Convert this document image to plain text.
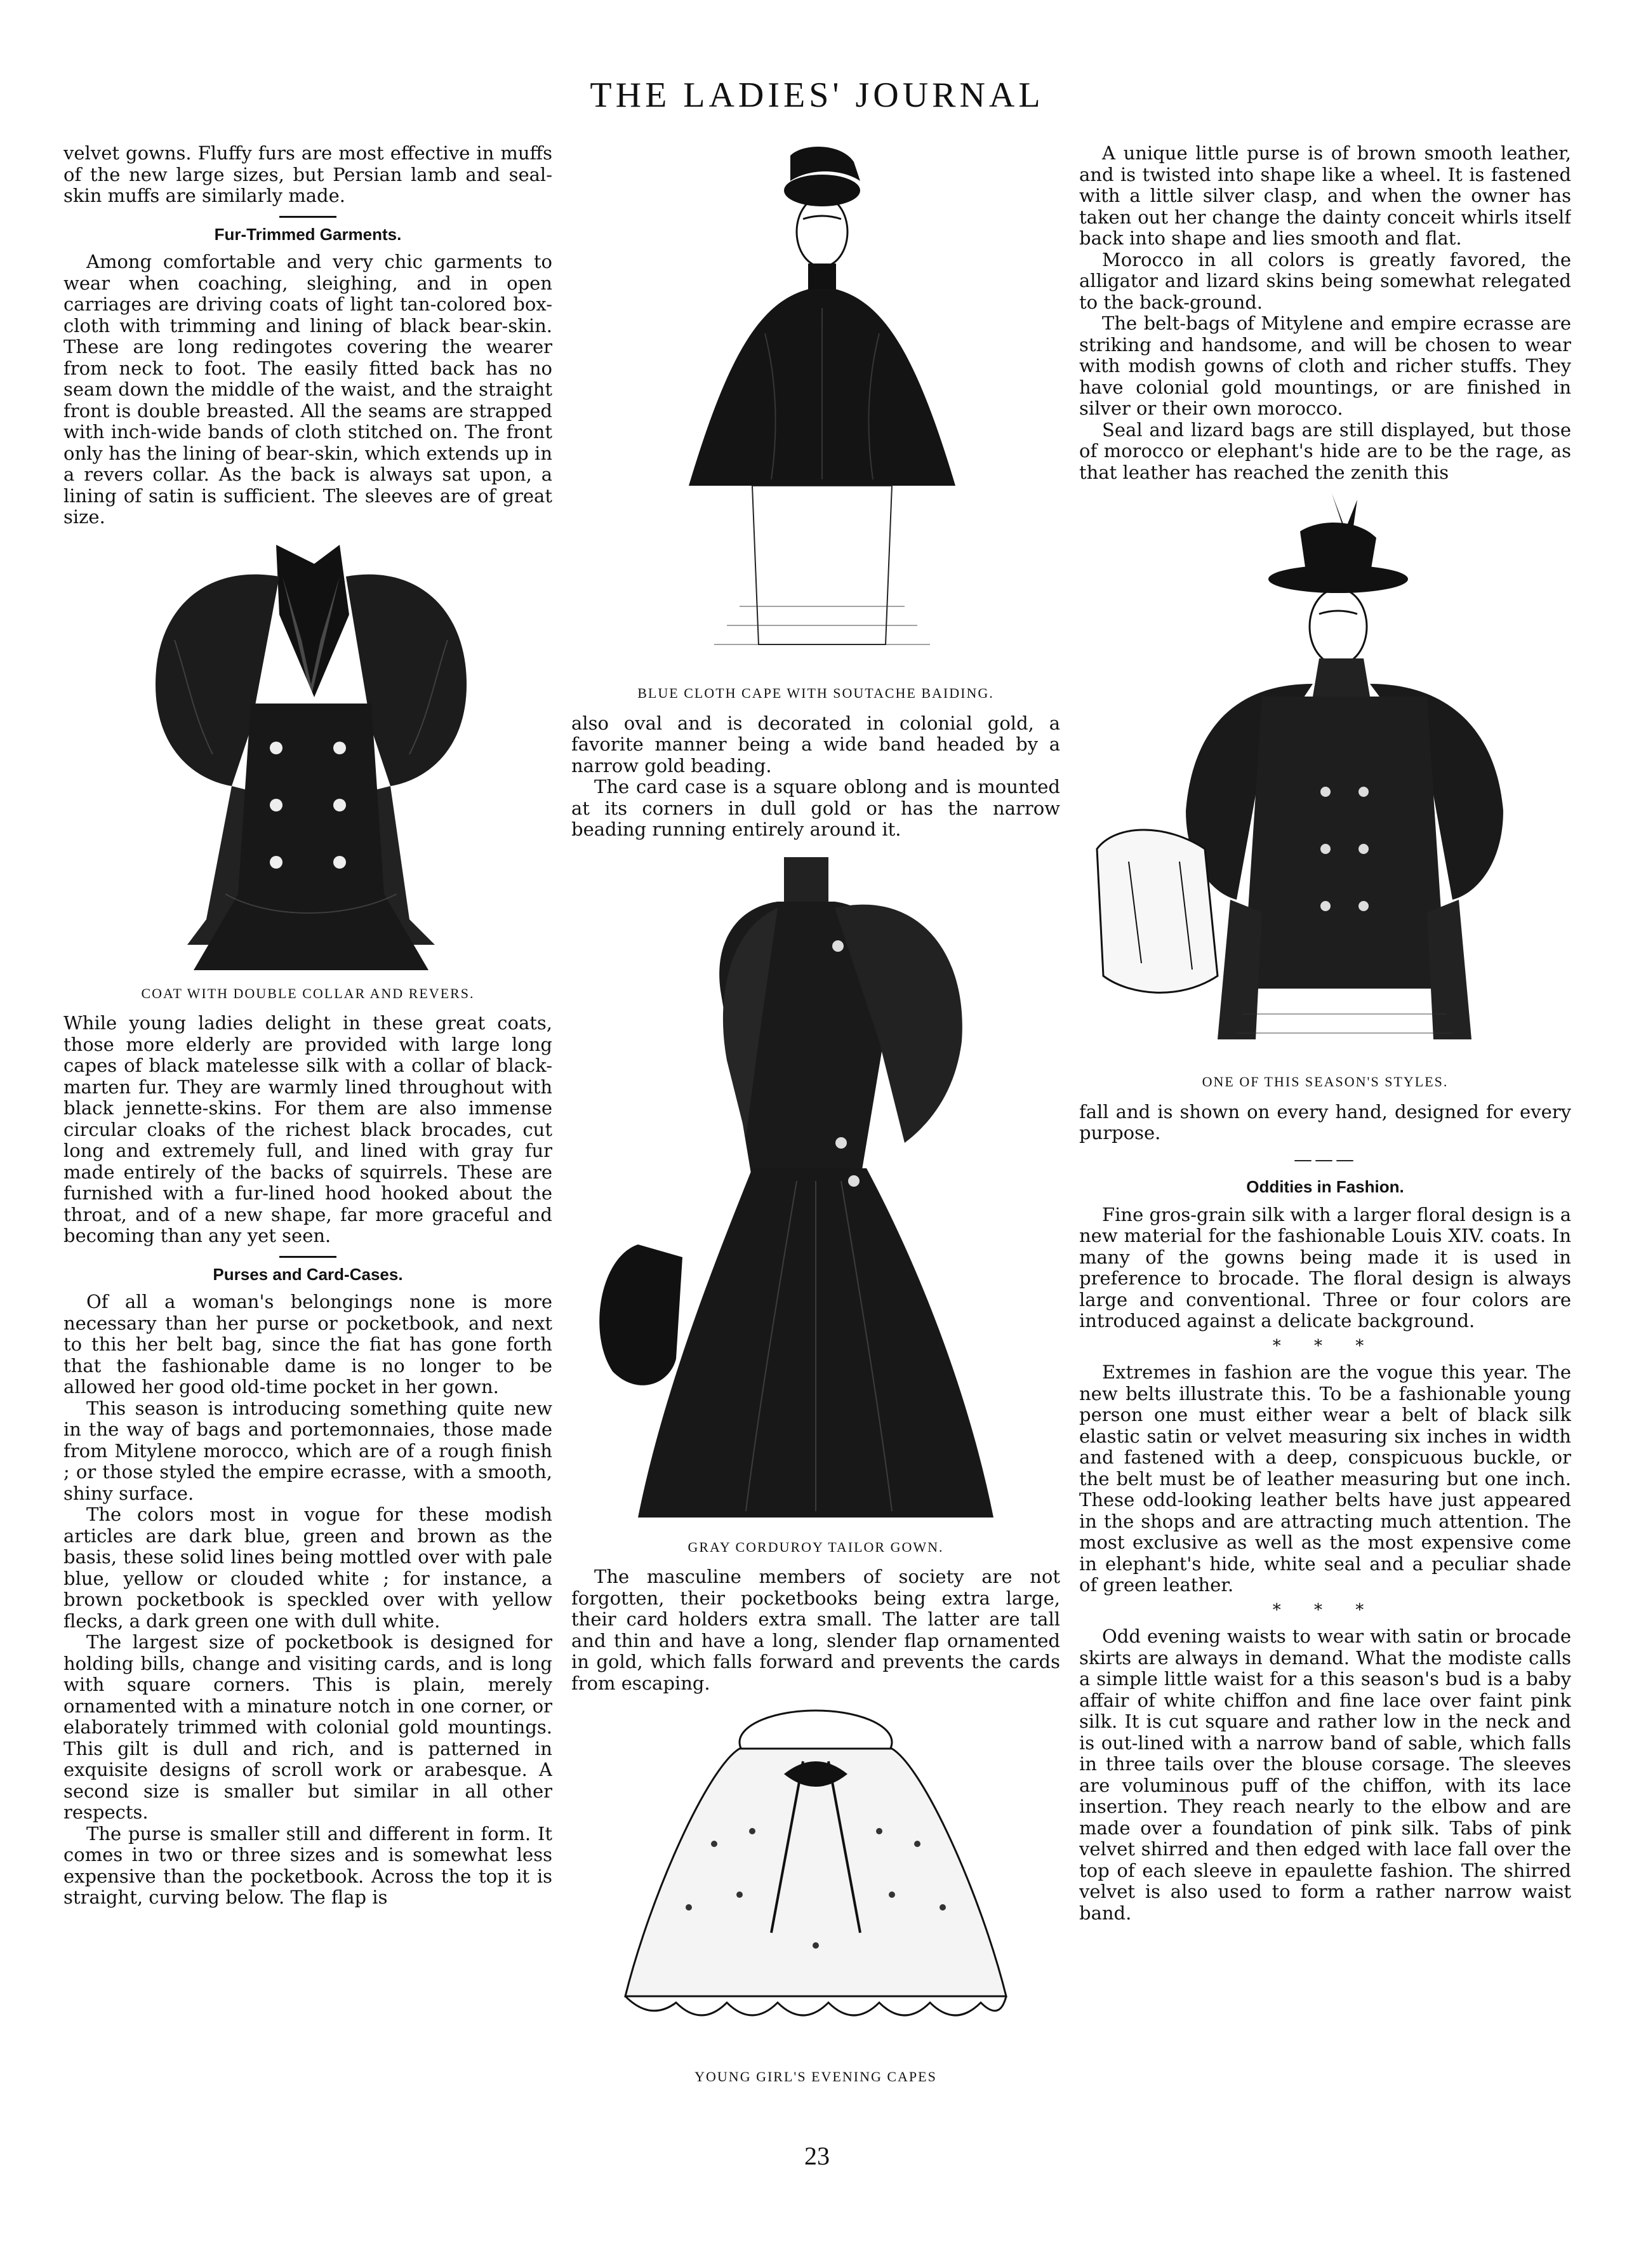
THE LADIES' JOURNAL

velvet gowns. Fluffy furs are most effective in muffs of the new large sizes, but Persian lamb and seal-skin muffs are similarly made.

Fur-Trimmed Garments.

Among comfortable and very chic garments to wear when coaching, sleighing, and in open carriages are driving coats of light tan-colored box-cloth with trimming and lining of black bear-skin. These are long redingotes covering the wearer from neck to foot. The easily fitted back has no seam down the middle of the waist, and the straight front is double breasted. All the seams are strapped with inch-wide bands of cloth stitched on. The front only has the lining of bear-skin, which extends up in a revers collar. As the back is always sat upon, a lining of satin is sufficient. The sleeves are of great size.

COAT WITH DOUBLE COLLAR AND REVERS.

While young ladies delight in these great coats, those more elderly are provided with large long capes of black matelesse silk with a collar of black-marten fur. They are warmly lined throughout with black jennette-skins. For them are also immense circular cloaks of the richest black brocades, cut long and extremely full, and lined with gray fur made entirely of the backs of squirrels. These are furnished with a fur-lined hood hooked about the throat, and of a new shape, far more graceful and becoming than any yet seen.

Purses and Card-Cases.

Of all a woman's belongings none is more necessary than her purse or pocketbook, and next to this her belt bag, since the fiat has gone forth that the fashionable dame is no longer to be allowed her good old-time pocket in her gown.

This season is introducing something quite new in the way of bags and portemonnaies, those made from Mitylene morocco, which are of a rough finish ; or those styled the empire ecrasse, with a smooth, shiny surface.

The colors most in vogue for these modish articles are dark blue, green and brown as the basis, these solid lines being mottled over with pale blue, yellow or clouded white ; for instance, a brown pocketbook is speckled over with yellow flecks, a dark green one with dull white.

The largest size of pocketbook is designed for holding bills, change and visiting cards, and is long with square corners. This is plain, merely ornamented with a minature notch in one corner, or elaborately trimmed with colonial gold mountings. This gilt is dull and rich, and is patterned in exquisite designs of scroll work or arabesque. A second size is smaller but similar in all other respects.

The purse is smaller still and different in form. It comes in two or three sizes and is somewhat less expensive than the pocketbook. Across the top it is straight, curving below. The flap is

BLUE CLOTH CAPE WITH SOUTACHE BAIDING.

also oval and is decorated in colonial gold, a favorite manner being a wide band headed by a narrow gold beading.

The card case is a square oblong and is mounted at its corners in dull gold or has the narrow beading running entirely around it.

GRAY CORDUROY TAILOR GOWN.

The masculine members of society are not forgotten, their pocketbooks being extra large, their card holders extra small. The latter are tall and thin and have a long, slender flap ornamented in gold, which falls forward and prevents the cards from escaping.

YOUNG GIRL'S EVENING CAPES

A unique little purse is of brown smooth leather, and is twisted into shape like a wheel. It is fastened with a little silver clasp, and when the owner has taken out her change the dainty conceit whirls itself back into shape and lies smooth and flat.

Morocco in all colors is greatly favored, the alligator and lizard skins being somewhat relegated to the back-ground.

The belt-bags of Mitylene and empire ecrasse are striking and handsome, and will be chosen to wear with modish gowns of cloth and richer stuffs. They have colonial gold mountings, or are finished in silver or their own morocco.

Seal and lizard bags are still displayed, but those of morocco or elephant's hide are to be the rage, as that leather has reached the zenith this

ONE OF THIS SEASON'S STYLES.

fall and is shown on every hand, designed for every purpose.

———
Oddities in Fashion.

Fine gros-grain silk with a larger floral design is a new material for the fashionable Louis XIV. coats. In many of the gowns being made it is used in preference to brocade. The floral design is always large and conventional. Three or four colors are introduced against a delicate background.

* * *

Extremes in fashion are the vogue this year. The new belts illustrate this. To be a fashionable young person one must either wear a belt of black silk elastic satin or velvet measuring six inches in width and fastened with a deep, conspicuous buckle, or the belt must be of leather measuring but one inch. These odd-looking leather belts have just appeared in the shops and are attracting much attention. The most exclusive as well as the most expensive come in elephant's hide, white seal and a peculiar shade of green leather.

* * *

Odd evening waists to wear with satin or brocade skirts are always in demand. What the modiste calls a simple little waist for a this season's bud is a baby affair of white chiffon and fine lace over faint pink silk. It is cut square and rather low in the neck and is out-lined with a narrow band of sable, which falls in three tails over the blouse corsage. The sleeves are voluminous puff of the chiffon, with its lace insertion. They reach nearly to the elbow and are made over a foundation of pink silk. Tabs of pink velvet shirred and then edged with lace fall over the top of each sleeve in epaulette fashion. The shirred velvet is also used to form a rather narrow waist band.

23
